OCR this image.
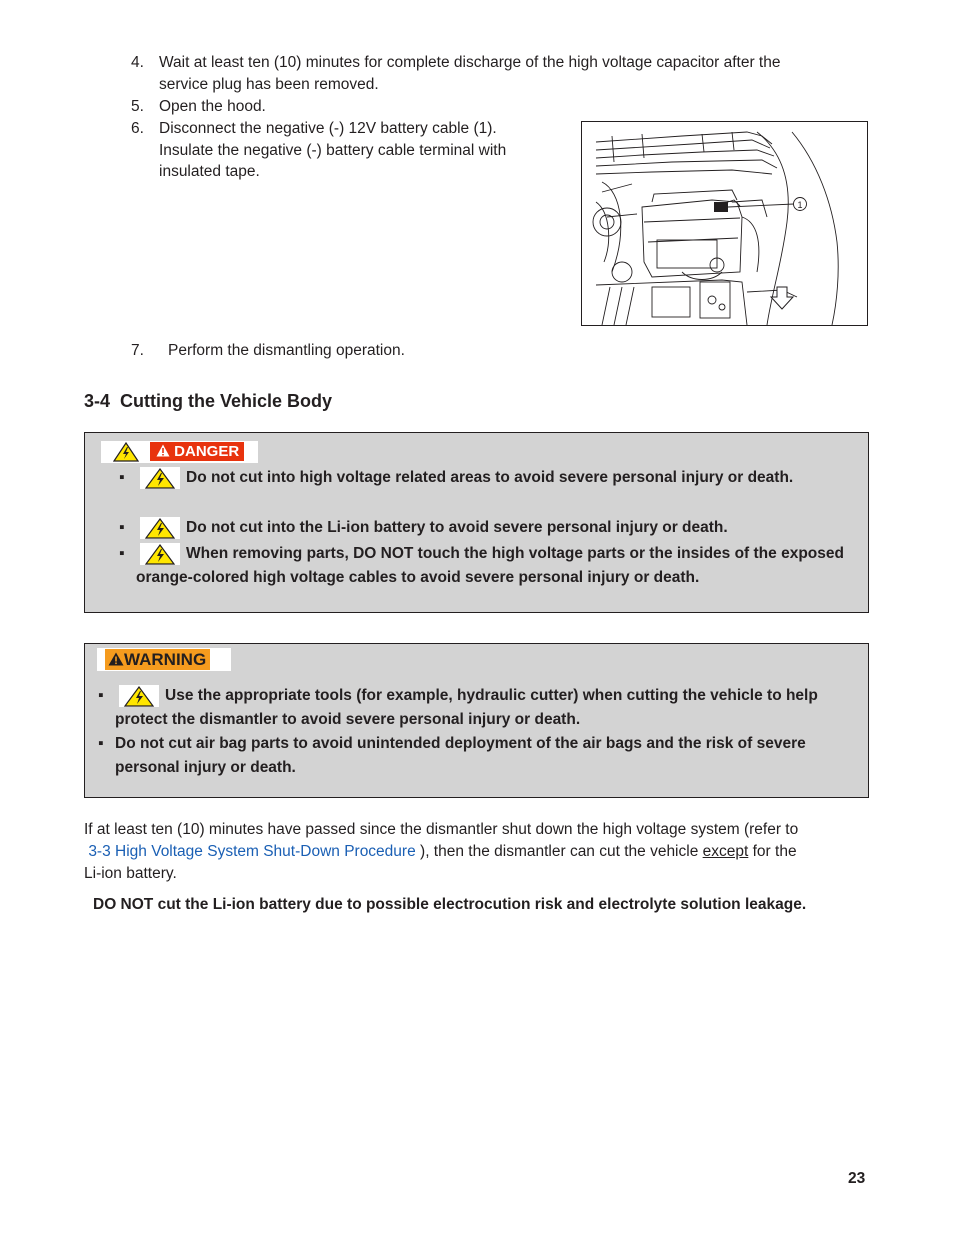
4. Wait at least ten (10) minutes for complete discharge of the high voltage capacitor after the service plug has been removed.
5. Open the hood.
6. Disconnect the negative (-) 12V battery cable (1). Insulate the negative (-) battery cable terminal with insulated tape.
1
7. Perform the dismantling operation.
3-4 Cutting the Vehicle Body
DANGER
▪	Do not cut into high voltage related areas to avoid severe personal injury or death.
▪	Do not cut into the Li-ion battery to avoid severe personal injury or death.
▪	When removing parts, DO NOT touch the high voltage parts or the insides of the exposed orange-colored high voltage cables to avoid severe personal injury or death.
WARNING
▪	Use the appropriate tools (for example, hydraulic cutter) when cutting the vehicle to help protect the dismantler to avoid severe personal injury or death.
▪ Do not cut air bag parts to avoid unintended deployment of the air bags and the risk of severe personal injury or death.
If at least ten (10) minutes have passed since the dismantler shut down the high voltage system (refer to
3-3 High Voltage System Shut-Down Procedure ), then the dismantler can cut the vehicle except for the
Li-ion battery.
DO NOT cut the Li-ion battery due to possible electrocution risk and electrolyte solution leakage.
23
